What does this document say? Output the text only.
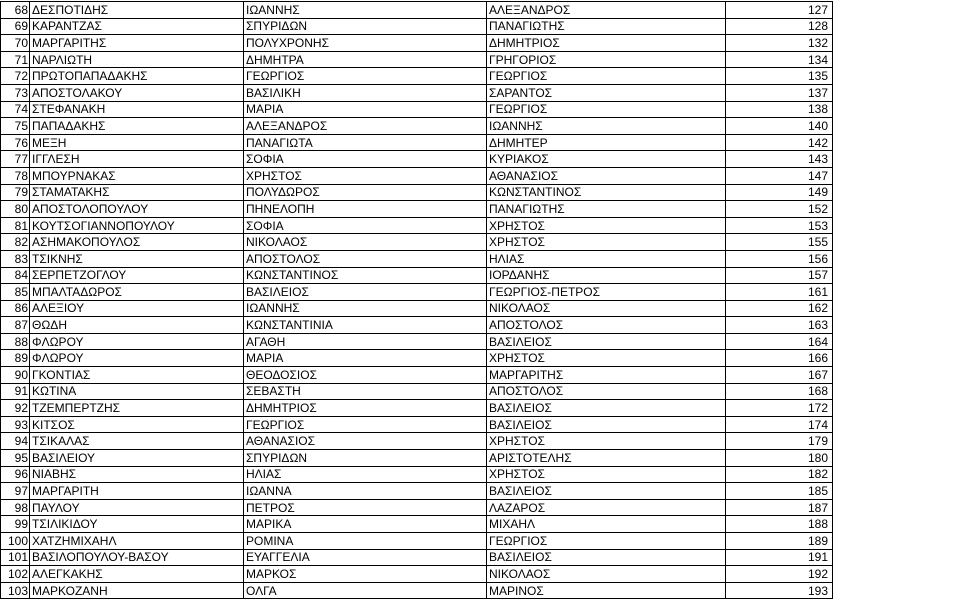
68	ΔΕΣΠΟΤΙΔΗΣ	ΙΩΑΝΝΗΣ	ΑΛΕΞΑΝΔΡΟΣ	127
69	ΚΑΡΑΝΤΖΑΣ	ΣΠΥΡΙΔΩΝ	ΠΑΝΑΓΙΩΤΗΣ	128
70	ΜΑΡΓΑΡΙΤΗΣ	ΠΟΛΥΧΡΟΝΗΣ	ΔΗΜΗΤΡΙΟΣ	132
71	ΝΑΡΛΙΩΤΗ	ΔΗΜΗΤΡΑ	ΓΡΗΓΟΡΙΟΣ	134
72	ΠΡΩΤΟΠΑΠΑΔΑΚΗΣ	ΓΕΩΡΓΙΟΣ	ΓΕΩΡΓΙΟΣ	135
73	ΑΠΟΣΤΟΛΑΚΟΥ	ΒΑΣΙΛΙΚΗ	ΣΑΡΑΝΤΟΣ	137
74	ΣΤΕΦΑΝΑΚΗ	ΜΑΡΙΑ	ΓΕΩΡΓΙΟΣ	138
75	ΠΑΠΑΔΑΚΗΣ	ΑΛΕΞΑΝΔΡΟΣ	ΙΩΑΝΝΗΣ	140
76	ΜΕΞΗ	ΠΑΝΑΓΙΩΤΑ	ΔΗΜΗΤΕΡ	142
77	ΙΓΓΛΕΣΗ	ΣΟΦΙΑ	ΚΥΡΙΑΚΟΣ	143
78	ΜΠΟΥΡΝΑΚΑΣ	ΧΡΗΣΤΟΣ	ΑΘΑΝΑΣΙΟΣ	147
79	ΣΤΑΜΑΤΑΚΗΣ	ΠΟΛΥΔΩΡΟΣ	ΚΩΝΣΤΑΝΤΙΝΟΣ	149
80	ΑΠΟΣΤΟΛΟΠΟΥΛΟΥ	ΠΗΝΕΛΟΠΗ	ΠΑΝΑΓΙΩΤΗΣ	152
81	ΚΟΥΤΣΟΓΙΑΝΝΟΠΟΥΛΟΥ	ΣΟΦΙΑ	ΧΡΗΣΤΟΣ	153
82	ΑΣΗΜΑΚΟΠΟΥΛΟΣ	ΝΙΚΟΛΑΟΣ	ΧΡΗΣΤΟΣ	155
83	ΤΣΙΚΝΗΣ	ΑΠΟΣΤΟΛΟΣ	ΗΛΙΑΣ	156
84	ΣΕΡΠΕΤΖΟΓΛΟΥ	ΚΩΝΣΤΑΝΤΙΝΟΣ	ΙΟΡΔΑΝΗΣ	157
85	ΜΠΑΛΤΑΔΩΡΟΣ	ΒΑΣΙΛΕΙΟΣ	ΓΕΩΡΓΙΟΣ-ΠΕΤΡΟΣ	161
86	ΑΛΕΞΙΟΥ	ΙΩΑΝΝΗΣ	ΝΙΚΟΛΑΟΣ	162
87	ΘΩΔΗ	ΚΩΝΣΤΑΝΤΙΝΙΑ	ΑΠΟΣΤΟΛΟΣ	163
88	ΦΛΩΡΟΥ	ΑΓΑΘΗ	ΒΑΣΙΛΕΙΟΣ	164
89	ΦΛΩΡΟΥ	ΜΑΡΙΑ	ΧΡΗΣΤΟΣ	166
90	ΓΚΟΝΤΙΑΣ	ΘΕΟΔΟΣΙΟΣ	ΜΑΡΓΑΡΙΤΗΣ	167
91	ΚΩΤΙΝΑ	ΣΕΒΑΣΤΗ	ΑΠΟΣΤΟΛΟΣ	168
92	ΤΖΕΜΠΕΡΤΖΗΣ	ΔΗΜΗΤΡΙΟΣ	ΒΑΣΙΛΕΙΟΣ	172
93	ΚΙΤΣΟΣ	ΓΕΩΡΓΙΟΣ	ΒΑΣΙΛΕΙΟΣ	174
94	ΤΣΙΚΑΛΑΣ	ΑΘΑΝΑΣΙΟΣ	ΧΡΗΣΤΟΣ	179
95	ΒΑΣΙΛΕΙΟΥ	ΣΠΥΡΙΔΩΝ	ΑΡΙΣΤΟΤΕΛΗΣ	180
96	ΝΙΑΒΗΣ	ΗΛΙΑΣ	ΧΡΗΣΤΟΣ	182
97	ΜΑΡΓΑΡΙΤΗ	ΙΩΑΝΝΑ	ΒΑΣΙΛΕΙΟΣ	185
98	ΠΑΥΛΟΥ	ΠΕΤΡΟΣ	ΛΑΖΑΡΟΣ	187
99	ΤΣΙΛΙΚΙΔΟΥ	ΜΑΡΙΚΑ	ΜΙΧΑΗΛ	188
100	ΧΑΤΖΗΜΙΧΑΗΛ	ΡΟΜΙΝΑ	ΓΕΩΡΓΙΟΣ	189
101	ΒΑΣΙΛΟΠΟΥΛΟΥ-ΒΑΣΟΥ	ΕΥΑΓΓΕΛΙΑ	ΒΑΣΙΛΕΙΟΣ	191
102	ΑΛΕΓΚΑΚΗΣ	ΜΑΡΚΟΣ	ΝΙΚΟΛΑΟΣ	192
103	ΜΑΡΚΟΖΑΝΗ	ΟΛΓΑ	ΜΑΡΙΝΟΣ	193
